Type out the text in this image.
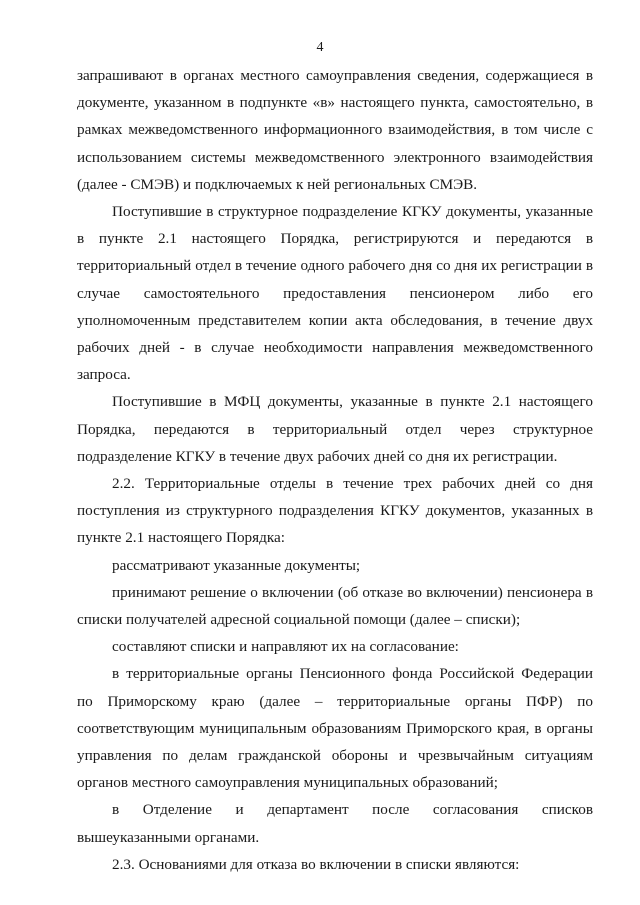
4
запрашивают в органах местного самоуправления сведения, содержащиеся в
документе, указанном в подпункте «в» настоящего пункта, самостоятельно, в
рамках межведомственного информационного взаимодействия, в том числе с
использованием системы межведомственного электронного взаимодействия
(далее - СМЭВ) и подключаемых к ней региональных СМЭВ.
Поступившие в структурное подразделение КГКУ документы, указанные
в пункте 2.1 настоящего Порядка, регистрируются и передаются в
территориальный отдел в течение одного рабочего дня со дня их регистрации в
случае самостоятельного предоставления пенсионером либо его
уполномоченным представителем копии акта обследования, в течение двух
рабочих дней - в случае необходимости направления межведомственного
запроса.
Поступившие в МФЦ документы, указанные в пункте 2.1 настоящего
Порядка, передаются в территориальный отдел через структурное
подразделение КГКУ в течение двух рабочих дней со дня их регистрации.
2.2. Территориальные отделы в течение трех рабочих дней со дня
поступления из структурного подразделения КГКУ документов, указанных в
пункте 2.1 настоящего Порядка:
рассматривают указанные документы;
принимают решение о включении (об отказе во включении) пенсионера в
списки получателей адресной социальной помощи (далее – списки);
составляют списки и направляют их на согласование:
в территориальные органы Пенсионного фонда Российской Федерации
по Приморскому краю (далее – территориальные органы ПФР) по
соответствующим муниципальным образованиям Приморского края, в органы
управления по делам гражданской обороны и чрезвычайным ситуациям
органов местного самоуправления муниципальных образований;
в Отделение и департамент после согласования списков
вышеуказанными органами.
2.3. Основаниями для отказа во включении в списки являются:
